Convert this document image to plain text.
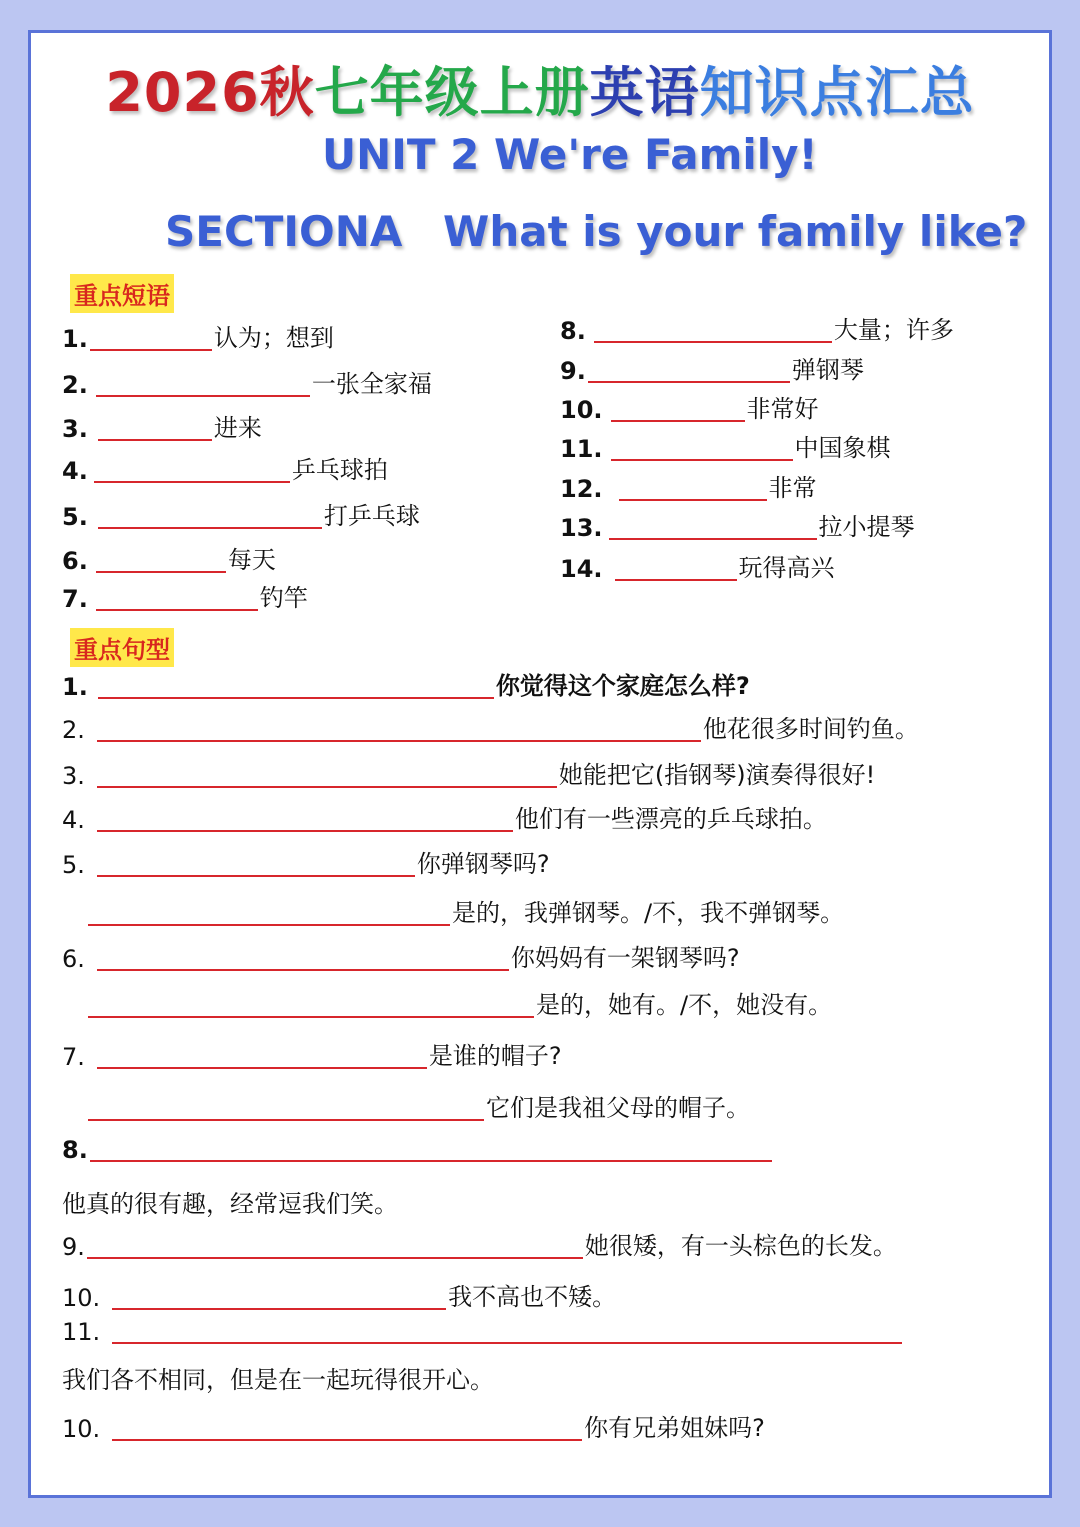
2026秋七年级上册英语知识点汇总
UNIT 2 We're Family!
SECTIONA What is your family like?
重点短语
1.	认为；想到
2.	一张全家福
3.	进来
4.	乒乓球拍
5.	打乒乓球
6.	每天
7.	钓竿
8.	大量；许多
9.	弹钢琴
10.	非常好
11.	中国象棋
12.	非常
13.	拉小提琴
14.	玩得高兴
重点句型
1.	你觉得这个家庭怎么样?
2.	他花很多时间钓鱼。
3.	她能把它(指钢琴)演奏得很好!
4.	他们有一些漂亮的乒乓球拍。
5.	你弹钢琴吗?
是的，我弹钢琴。/不，我不弹钢琴。
6.	你妈妈有一架钢琴吗?
是的，她有。/不，她没有。
7.	是谁的帽子?
它们是我祖父母的帽子。
8.
他真的很有趣，经常逗我们笑。
9.	她很矮，有一头棕色的长发。
10.	我不高也不矮。
11.
我们各不相同，但是在一起玩得很开心。
10.	你有兄弟姐妹吗?
